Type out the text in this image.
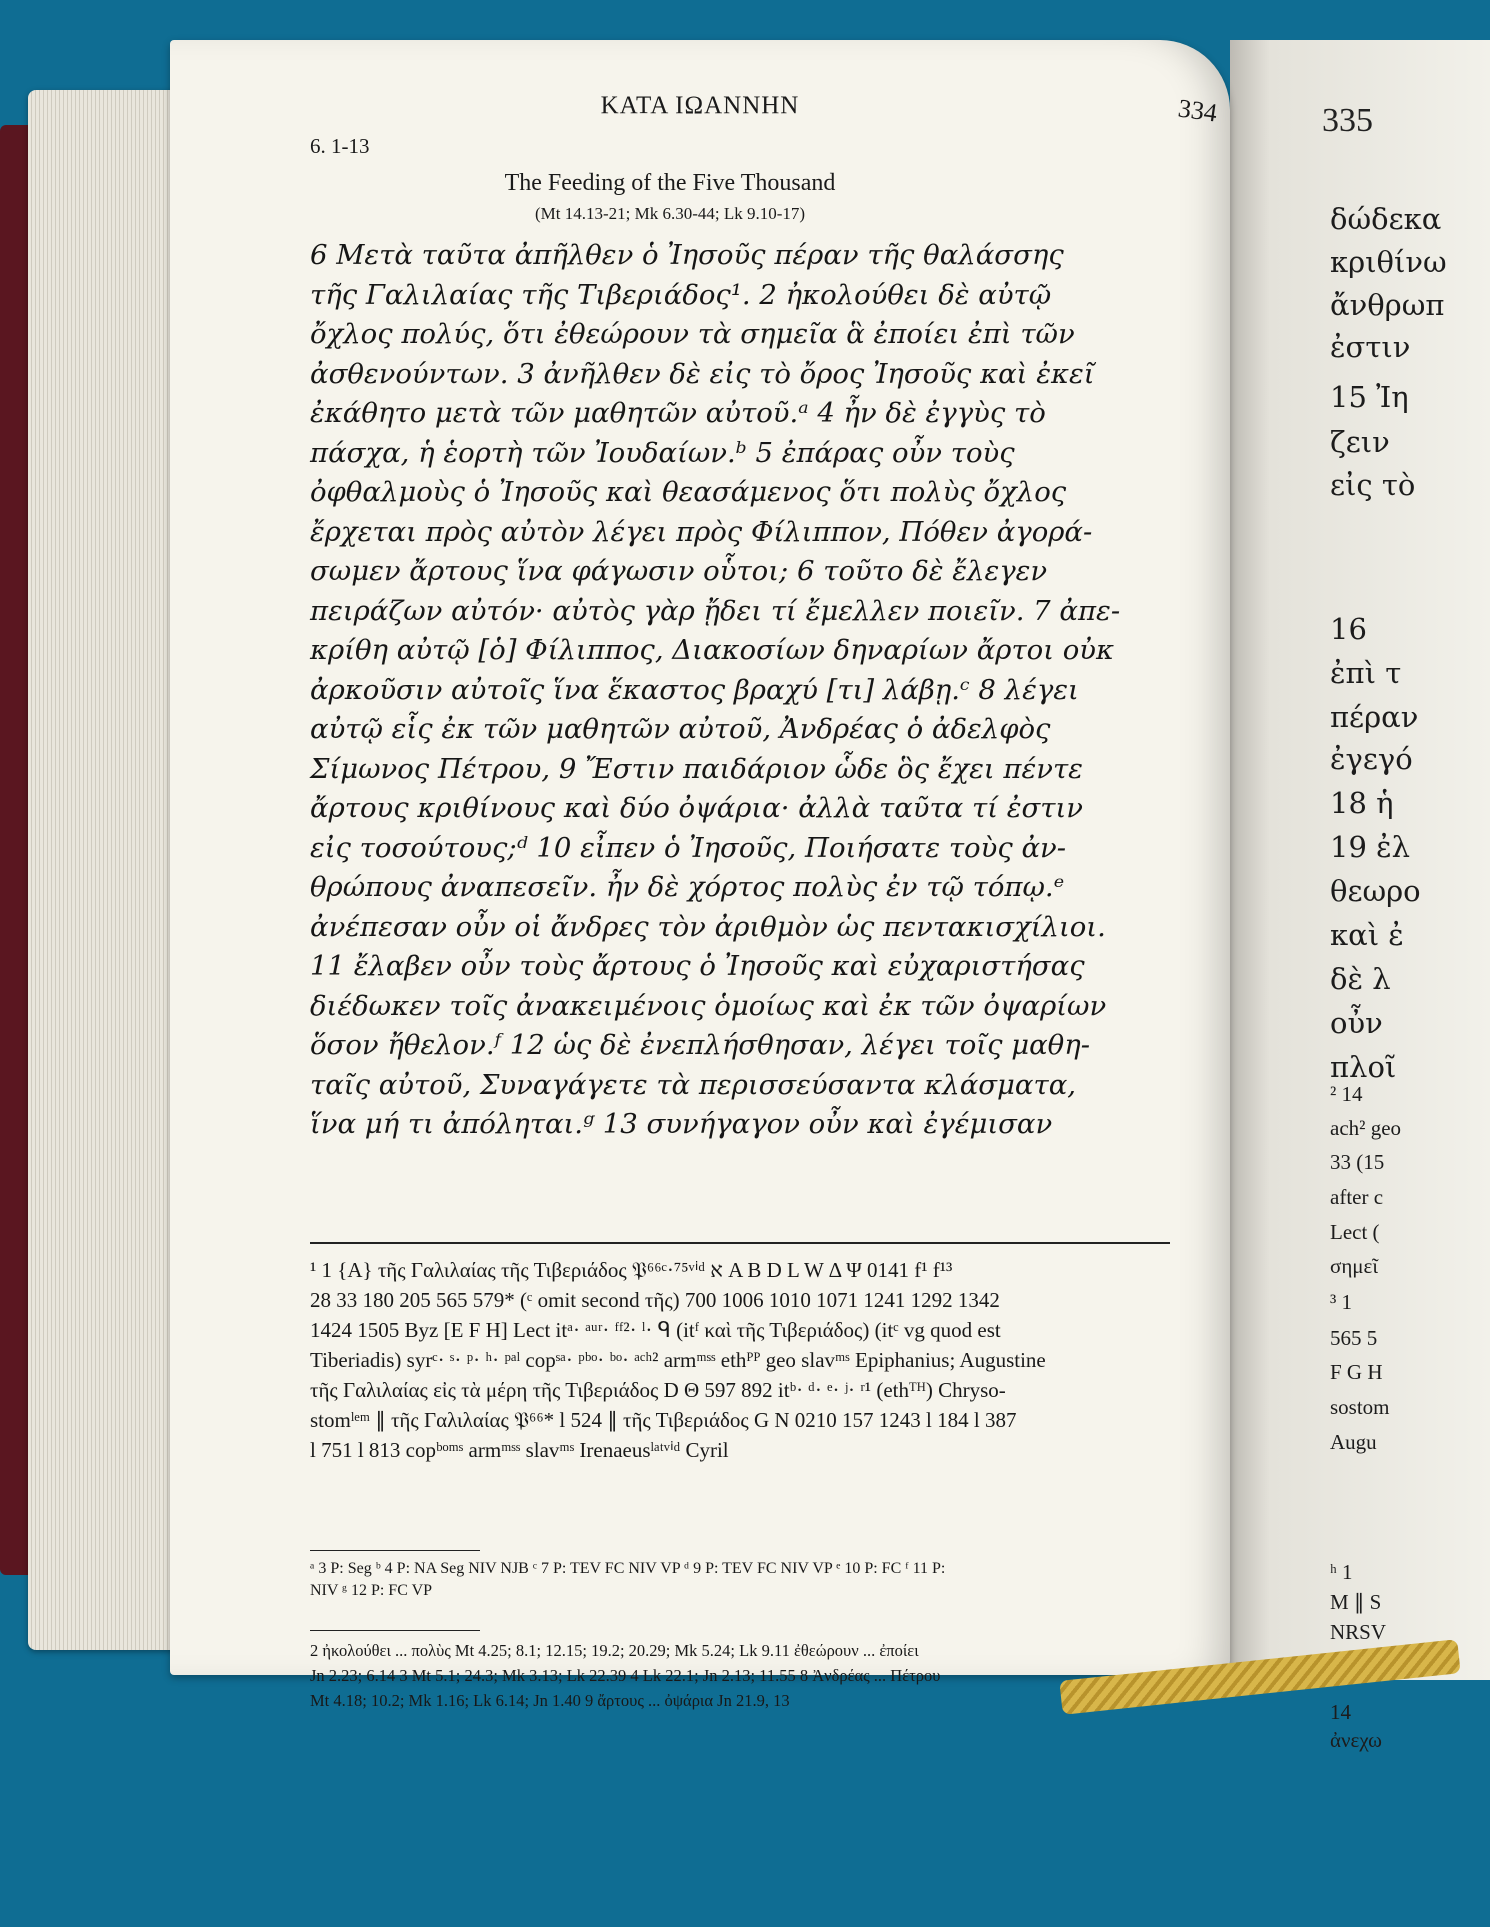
335
δώδεκα
κριθίνω
ἄνθρωπ
ἐστιν
15 Ἰη
ζειν
εἰς τὸ
16
ἐπὶ τ
πέραν
ἐγεγό
18 ἡ
19 ἐλ
θεωρο
καὶ ἐ
δὲ λ
οὖν
πλοῖ
² 14
ach² geo
33 (15
after c
Lect (
σημεῖ
³ 1
565 5
F G H
sostom
Augu
ʰ 1
M ∥ S
NRSV
14
ἀνεχω
ΚΑΤΑ ΙΩΑΝΝΗΝ	334
6. 1-13
The Feeding of the Five Thousand
(Mt 14.13-21; Mk 6.30-44; Lk 9.10-17)
6 Μετὰ ταῦτα ἀπῆλθεν ὁ Ἰησοῦς πέραν τῆς θαλάσσης
τῆς Γαλιλαίας τῆς Τιβεριάδος¹. 2 ἠκολούθει δὲ αὐτῷ
ὄχλος πολύς, ὅτι ἐθεώρουν τὰ σημεῖα ἃ ἐποίει ἐπὶ τῶν
ἀσθενούντων. 3 ἀνῆλθεν δὲ εἰς τὸ ὄρος Ἰησοῦς καὶ ἐκεῖ
ἐκάθητο μετὰ τῶν μαθητῶν αὐτοῦ.ᵃ 4 ἦν δὲ ἐγγὺς τὸ
πάσχα, ἡ ἑορτὴ τῶν Ἰουδαίων.ᵇ 5 ἐπάρας οὖν τοὺς
ὀφθαλμοὺς ὁ Ἰησοῦς καὶ θεασάμενος ὅτι πολὺς ὄχλος
ἔρχεται πρὸς αὐτὸν λέγει πρὸς Φίλιππον, Πόθεν ἀγορά-
σωμεν ἄρτους ἵνα φάγωσιν οὗτοι; 6 τοῦτο δὲ ἔλεγεν
πειράζων αὐτόν· αὐτὸς γὰρ ᾔδει τί ἔμελλεν ποιεῖν. 7 ἀπε-
κρίθη αὐτῷ [ὁ] Φίλιππος, Διακοσίων δηναρίων ἄρτοι οὐκ
ἀρκοῦσιν αὐτοῖς ἵνα ἕκαστος βραχύ [τι] λάβῃ.ᶜ 8 λέγει
αὐτῷ εἷς ἐκ τῶν μαθητῶν αὐτοῦ, Ἀνδρέας ὁ ἀδελφὸς
Σίμωνος Πέτρου, 9 Ἔστιν παιδάριον ὧδε ὃς ἔχει πέντε
ἄρτους κριθίνους καὶ δύο ὀψάρια· ἀλλὰ ταῦτα τί ἐστιν
εἰς τοσούτους;ᵈ 10 εἶπεν ὁ Ἰησοῦς, Ποιήσατε τοὺς ἀν-
θρώπους ἀναπεσεῖν. ἦν δὲ χόρτος πολὺς ἐν τῷ τόπῳ.ᵉ
ἀνέπεσαν οὖν οἱ ἄνδρες τὸν ἀριθμὸν ὡς πεντακισχίλιοι.
11 ἔλαβεν οὖν τοὺς ἄρτους ὁ Ἰησοῦς καὶ εὐχαριστήσας
διέδωκεν τοῖς ἀνακειμένοις ὁμοίως καὶ ἐκ τῶν ὀψαρίων
ὅσον ἤθελον.ᶠ 12 ὡς δὲ ἐνεπλήσθησαν, λέγει τοῖς μαθη-
ταῖς αὐτοῦ, Συναγάγετε τὰ περισσεύσαντα κλάσματα,
ἵνα μή τι ἀπόληται.ᵍ 13 συνήγαγον οὖν καὶ ἐγέμισαν
¹ 1 {A} τῆς Γαλιλαίας τῆς Τιβεριάδος 𝔓⁶⁶ᶜ·⁷⁵ᵛⁱᵈ א A B D L W Δ Ψ 0141 f¹ f¹³
28 33 180 205 565 579* (ᶜ omit second τῆς) 700 1006 1010 1071 1241 1292 1342
1424 1505 Byz [E F H] Lect itᵃ· ᵃᵘʳ· ᶠᶠ²· ˡ· ᑫ (itᶠ καὶ τῆς Τιβεριάδος) (itᶜ vg quod est
Tiberiadis) syrᶜ· ˢ· ᵖ· ʰ· ᵖᵃˡ copˢᵃ· ᵖᵇᵒ· ᵇᵒ· ᵃᶜʰ² armᵐˢˢ ethᴾᴾ geo slavᵐˢ Epiphanius; Augustine
τῆς Γαλιλαίας εἰς τὰ μέρη τῆς Τιβεριάδος D Θ 597 892 itᵇ· ᵈ· ᵉ· ʲ· ʳ¹ (ethᵀᴴ) Chryso-
stomˡᵉᵐ ∥ τῆς Γαλιλαίας 𝔓⁶⁶* l 524 ∥ τῆς Τιβεριάδος G N 0210 157 1243 l 184 l 387
l 751 l 813 copᵇᵒᵐˢ armᵐˢˢ slavᵐˢ Irenaeusˡᵃᵗᵛⁱᵈ Cyril
ᵃ 3 P: Seg ᵇ 4 P: NA Seg NIV NJB ᶜ 7 P: TEV FC NIV VP ᵈ 9 P: TEV FC NIV VP ᵉ 10 P: FC ᶠ 11 P:
NIV ᵍ 12 P: FC VP
2 ἠκολούθει ... πολὺς Mt 4.25; 8.1; 12.15; 19.2; 20.29; Mk 5.24; Lk 9.11 ἐθεώρουν ... ἐποίει
Jn 2.23; 6.14 3 Mt 5.1; 24.3; Mk 3.13; Lk 22.39 4 Lk 22.1; Jn 2.13; 11.55 8 Ἀνδρέας ... Πέτρου
Mt 4.18; 10.2; Mk 1.16; Lk 6.14; Jn 1.40 9 ἄρτους ... ὀψάρια Jn 21.9, 13
